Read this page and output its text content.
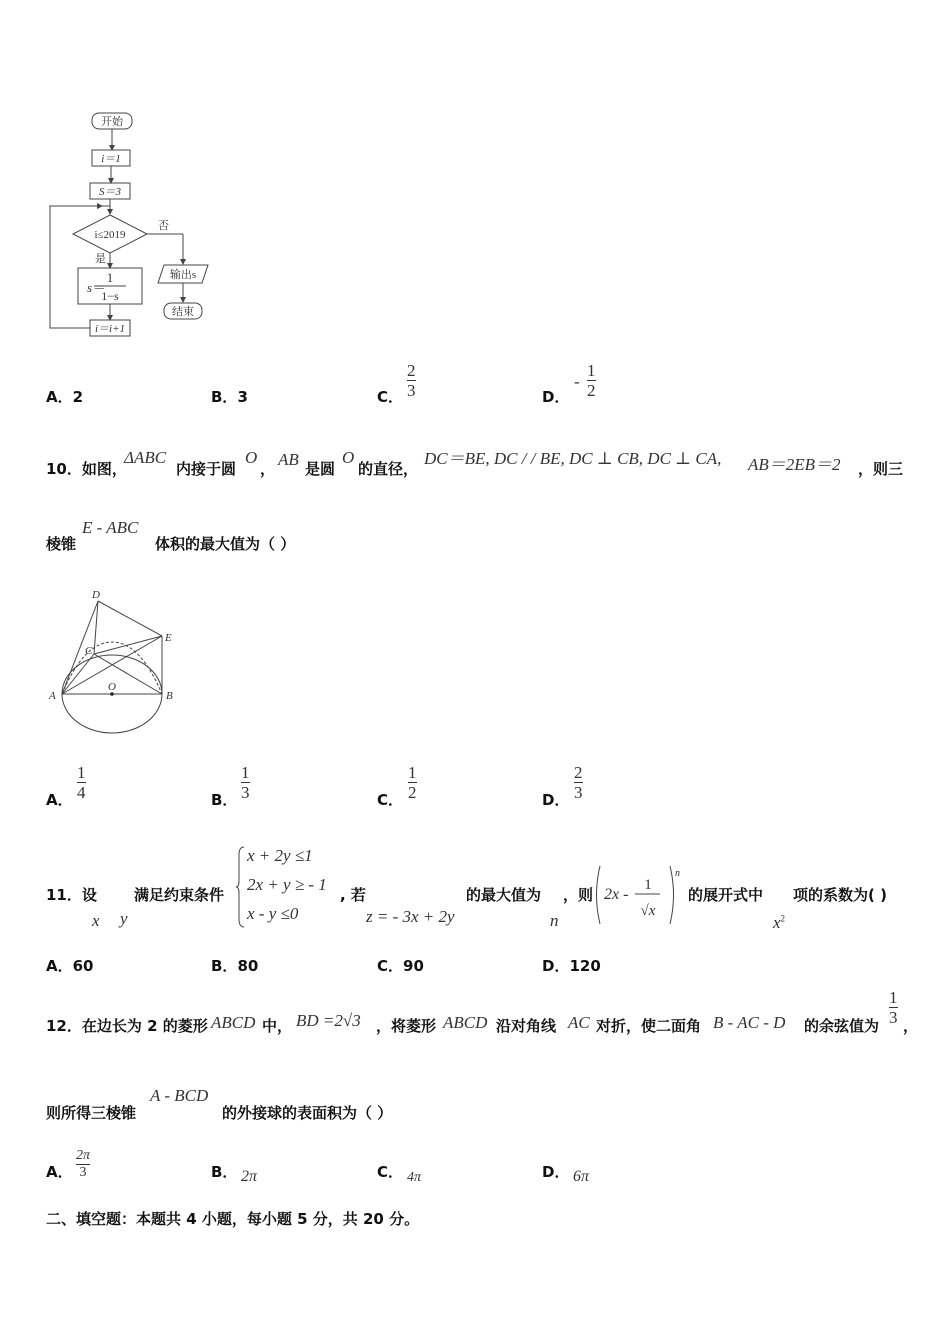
开始
i＝1
S＝3
i≤2019
否
是
s＝
1
1−s
输出s
结束
i＝i+1
A．2	B．3	C．
2
3	D．
-
1
2
10．如图，
ΔABC
内接于圆
O
， AB 是圆
O
的直径，
DC＝BE, DC / / BE, DC ⊥ CB, DC ⊥ CA, AB＝2EB＝2 ，则三
棱锥
E - ABC
体积的最大值为（ ）
D
E
C
A
O
B
A．
1
4	B．
1
3	C．
1
2	D．
2
3
11．设
x y
满足约束条件
x + 2y ≤1
2x + y ≥ - 1
x - y ≤0
, 若
z = - 3x + 2y
的最大值为
n
，则 2x -
1
√x
n
的展开式中
$x^2$
项的系数为( )
A．60	B．80	C．90	D．120
12．在边长为 2 的菱形 ABCD 中， BD =2√3 ，将菱形 ABCD 沿对角线 AC 对折，使二面角 B - AC - D 的余弦值为
1
3 ，
则所得三棱锥
A - BCD
的外接球的表面积为（ ）
A．
2π
3	B． 2π	C． 4π	D． 6π
二、填空题：本题共 4 小题，每小题 5 分，共 20 分。
